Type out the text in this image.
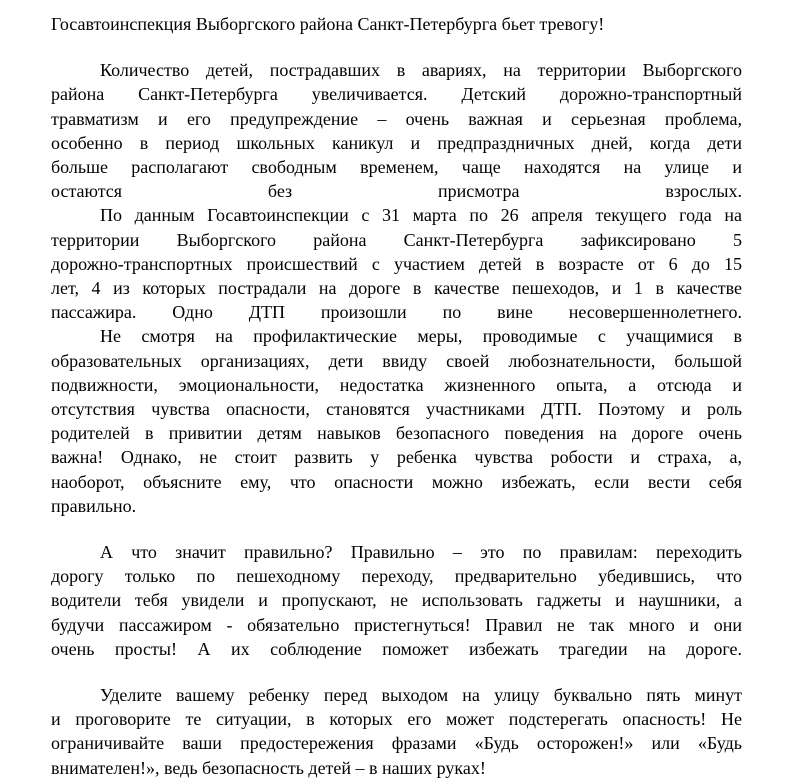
Госавтоинспекция Выборгского района Санкт-Петербурга бьет тревогу!
Количество детей, пострадавших в авариях, на территории Выборгского
района Санкт-Петербурга увеличивается. Детский дорожно-транспортный
травматизм и его предупреждение – очень важная и серьезная проблема,
особенно в период школьных каникул и предпраздничных дней, когда дети
больше располагают свободным временем, чаще находятся на улице и
остаются без присмотра взрослых.
По данным Госавтоинспекции с 31 марта по 26 апреля текущего года на
территории Выборгского района Санкт-Петербурга зафиксировано 5
дорожно-транспортных происшествий с участием детей в возрасте от 6 до 15
лет, 4 из которых пострадали на дороге в качестве пешеходов, и 1 в качестве
пассажира. Одно ДТП произошли по вине несовершеннолетнего.
Не смотря на профилактические меры, проводимые с учащимися в
образовательных организациях, дети ввиду своей любознательности, большой
подвижности, эмоциональности, недостатка жизненного опыта, а отсюда и
отсутствия чувства опасности, становятся участниками ДТП. Поэтому и роль
родителей в привитии детям навыков безопасного поведения на дороге очень
важна! Однако, не стоит развить у ребенка чувства робости и страха, а,
наоборот, объясните ему, что опасности можно избежать, если вести себя
правильно.
А что значит правильно? Правильно – это по правилам: переходить
дорогу только по пешеходному переходу, предварительно убедившись, что
водители тебя увидели и пропускают, не использовать гаджеты и наушники, а
будучи пассажиром - обязательно пристегнуться! Правил не так много и они
очень просты! А их соблюдение поможет избежать трагедии на дороге.
Уделите вашему ребенку перед выходом на улицу буквально пять минут
и проговорите те ситуации, в которых его может подстерегать опасность! Не
ограничивайте ваши предостережения фразами «Будь осторожен!» или «Будь
внимателен!», ведь безопасность детей – в наших руках!
